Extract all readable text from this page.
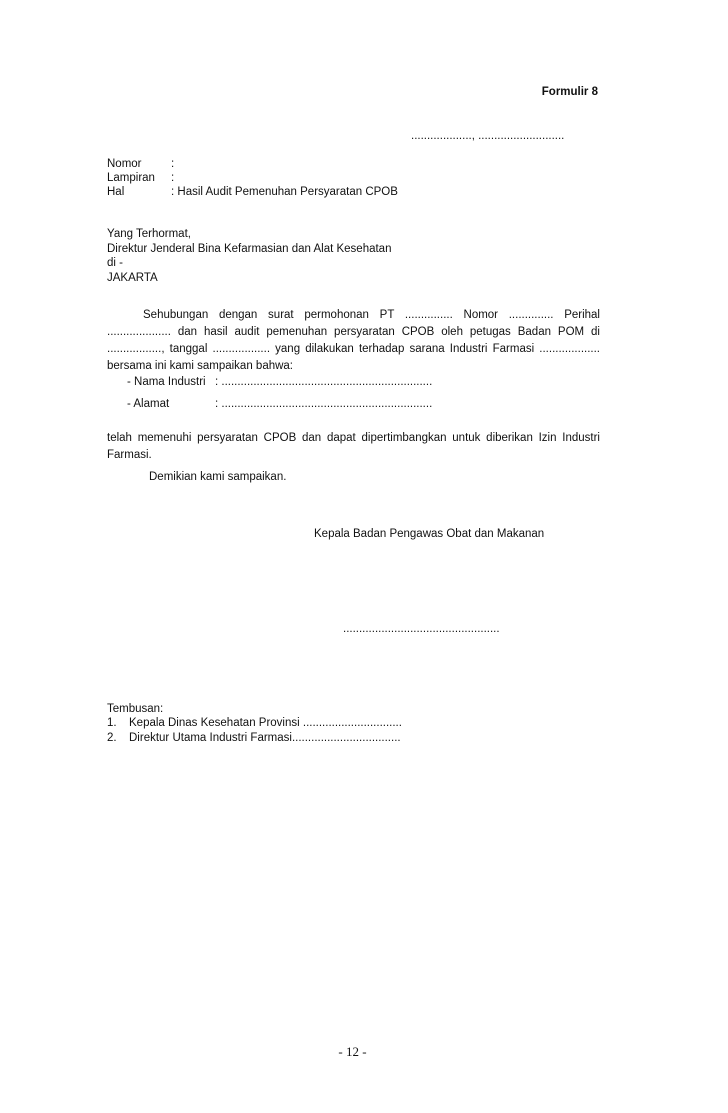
Formulir 8
..................., ...........................
Nomor	:
Lampiran :
Hal	: Hasil Audit Pemenuhan Persyaratan CPOB
Yang Terhormat,
Direktur Jenderal Bina Kefarmasian dan Alat Kesehatan
di -
JAKARTA
Sehubungan dengan surat permohonan PT ............... Nomor .............. Perihal .................... dan hasil audit pemenuhan persyaratan CPOB oleh petugas Badan POM di ................., tanggal .................. yang dilakukan terhadap sarana Industri Farmasi ................... bersama ini kami sampaikan bahwa:
- Nama Industri : ..................................................................
- Alamat	: ..................................................................
telah memenuhi persyaratan CPOB dan dapat dipertimbangkan untuk diberikan Izin Industri Farmasi.
Demikian kami sampaikan.
Kepala Badan Pengawas Obat dan Makanan
.................................................
Tembusan:
1. Kepala Dinas Kesehatan Provinsi ...............................
2. Direktur Utama Industri Farmasi..................................
- 12 -
